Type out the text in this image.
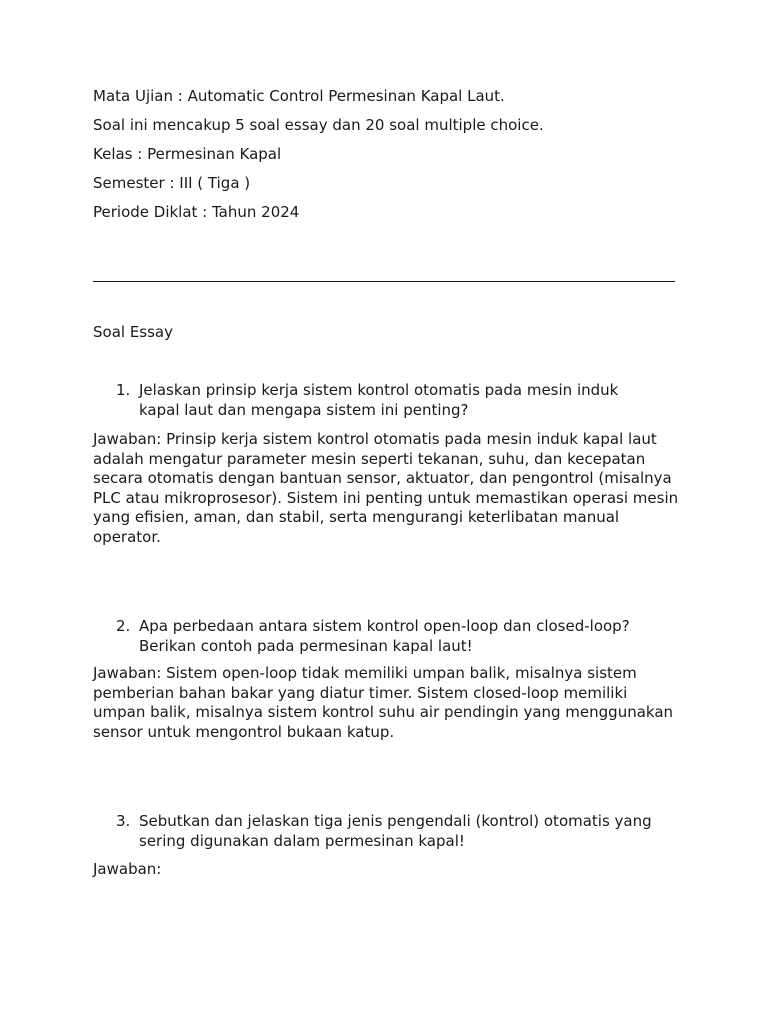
Mata Ujian : Automatic Control Permesinan Kapal Laut.
Soal ini mencakup 5 soal essay dan 20 soal multiple choice.
Kelas : Permesinan Kapal
Semester : III ( Tiga )
Periode Diklat : Tahun 2024
Soal Essay
1. Jelaskan prinsip kerja sistem kontrol otomatis pada mesin induk kapal laut dan mengapa sistem ini penting?
Jawaban: Prinsip kerja sistem kontrol otomatis pada mesin induk kapal laut adalah mengatur parameter mesin seperti tekanan, suhu, dan kecepatan secara otomatis dengan bantuan sensor, aktuator, dan pengontrol (misalnya PLC atau mikroprosesor). Sistem ini penting untuk memastikan operasi mesin yang efisien, aman, dan stabil, serta mengurangi keterlibatan manual operator.
2. Apa perbedaan antara sistem kontrol open-loop dan closed-loop? Berikan contoh pada permesinan kapal laut!
Jawaban: Sistem open-loop tidak memiliki umpan balik, misalnya sistem pemberian bahan bakar yang diatur timer. Sistem closed-loop memiliki umpan balik, misalnya sistem kontrol suhu air pendingin yang menggunakan sensor untuk mengontrol bukaan katup.
3. Sebutkan dan jelaskan tiga jenis pengendali (kontrol) otomatis yang sering digunakan dalam permesinan kapal!
Jawaban:
